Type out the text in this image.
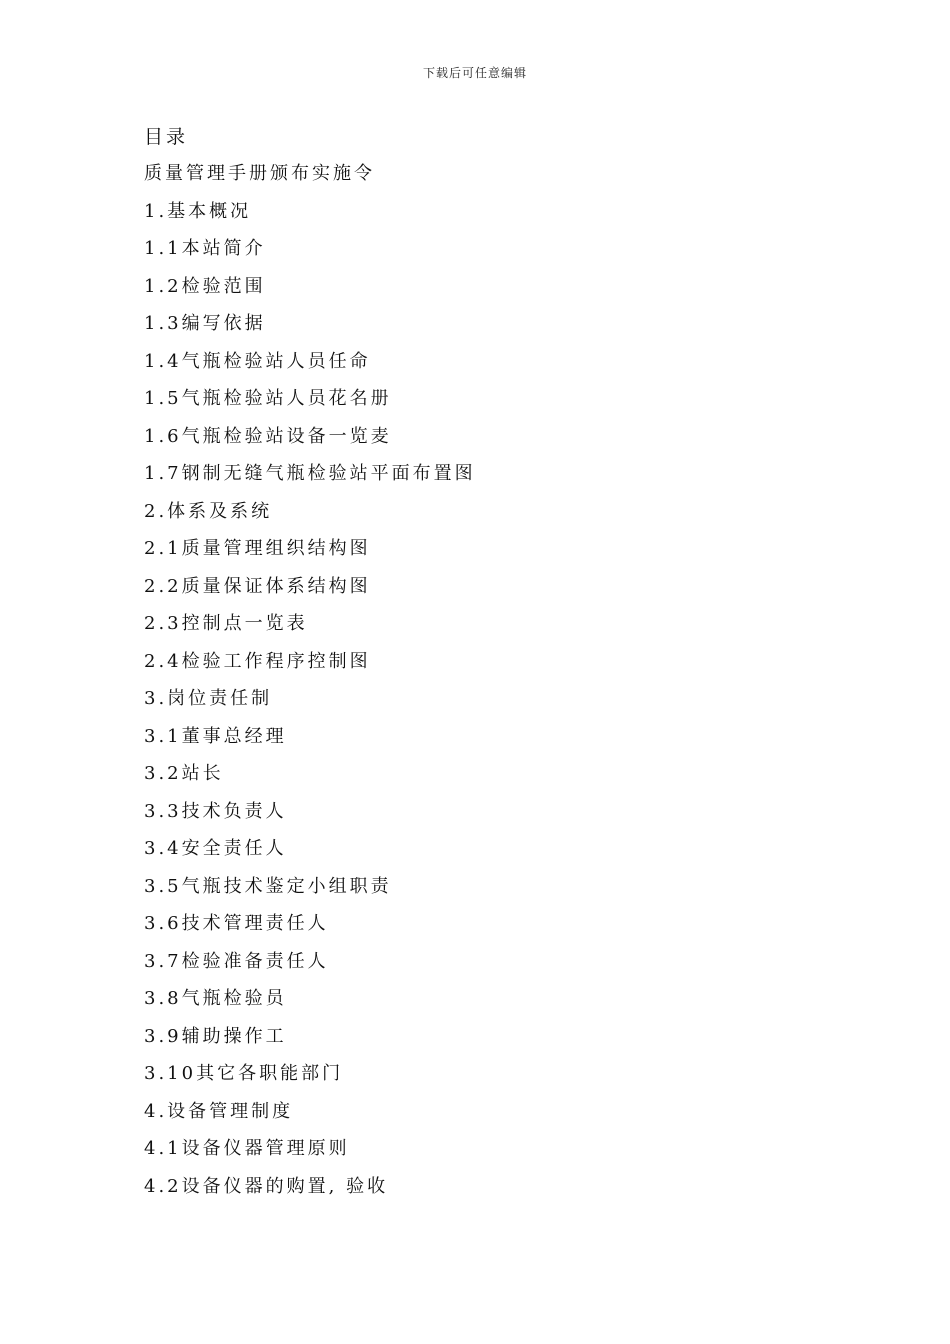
下载后可任意编辑
目录
质量管理手册颁布实施令
1.基本概况
1.1本站简介
1.2检验范围
1.3编写依据
1.4气瓶检验站人员任命
1.5气瓶检验站人员花名册
1.6气瓶检验站设备一览麦
1.7钢制无缝气瓶检验站平面布置图
2.体系及系统
2.1质量管理组织结构图
2.2质量保证体系结构图
2.3控制点一览表
2.4检验工作程序控制图
3.岗位责任制
3.1董事总经理
3.2站长
3.3技术负责人
3.4安全责任人
3.5气瓶技术鉴定小组职责
3.6技术管理责任人
3.7检验准备责任人
3.8气瓶检验员
3.9辅助操作工
3.10其它各职能部门
4.设备管理制度
4.1设备仪器管理原则
4.2设备仪器的购置, 验收
